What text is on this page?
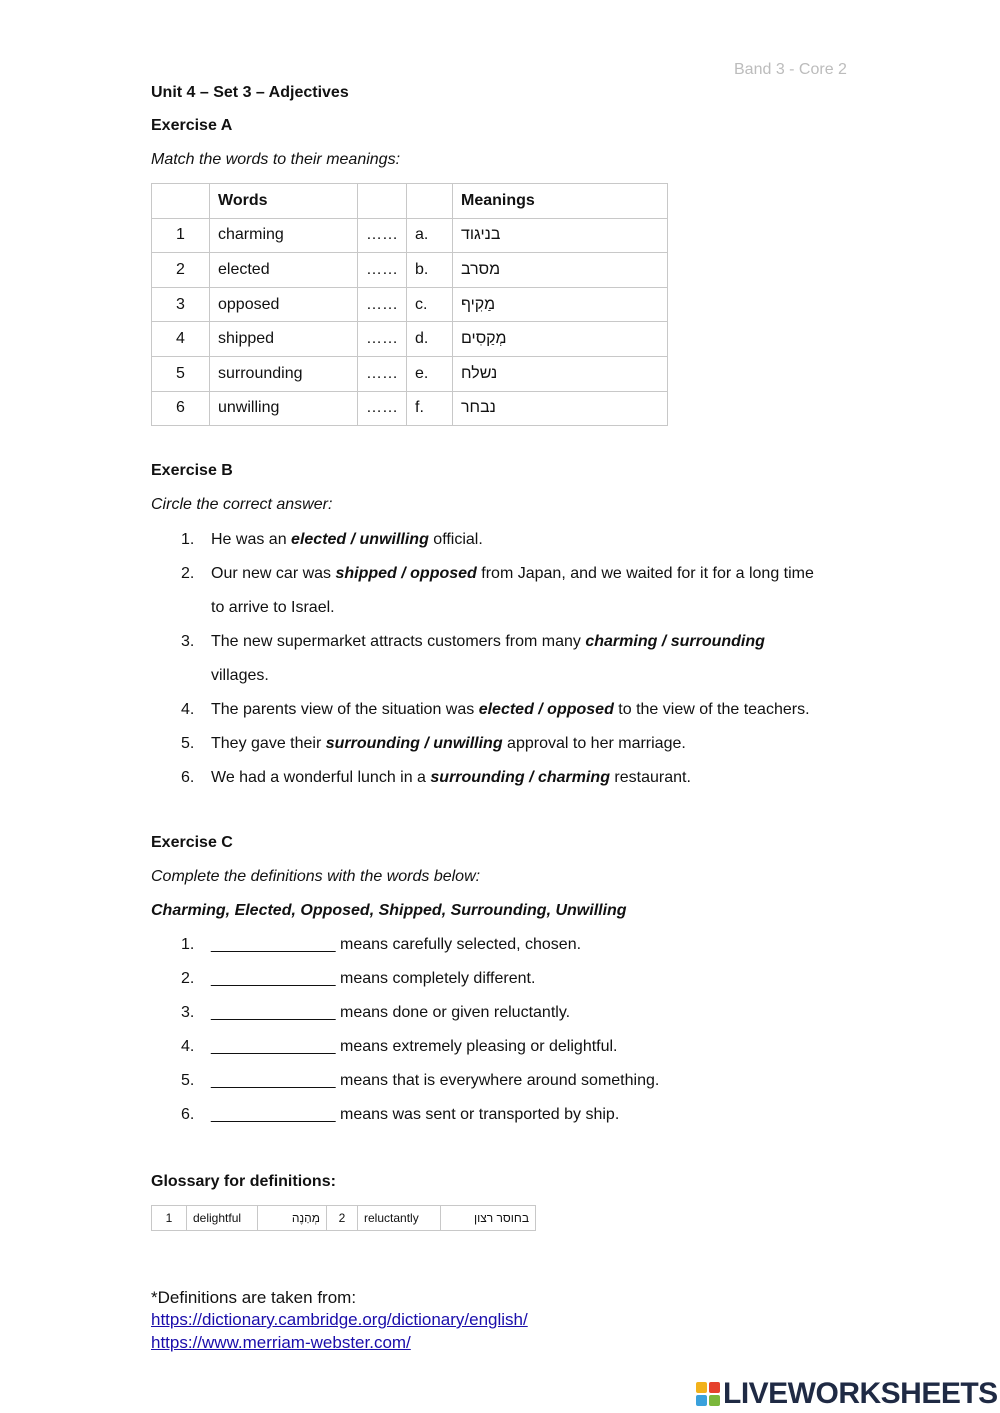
Band 3 - Core 2
Unit 4 – Set 3 – Adjectives
Exercise A
Match the words to their meanings:
	Words			Meanings
1	charming	……	a.	בניגוד
2	elected	……	b.	מסרב
3	opposed	……	c.	מַקִיף
4	shipped	……	d.	מְקַסִים
5	surrounding	……	e.	נשלח
6	unwilling	……	f.	נבחר
Exercise B
Circle the correct answer:
1. He was an elected / unwilling official.
2. Our new car was shipped / opposed from Japan, and we waited for it for a long time
to arrive to Israel.
3. The new supermarket attracts customers from many charming / surrounding
villages.
4. The parents view of the situation was elected / opposed to the view of the teachers.
5. They gave their surrounding / unwilling approval to her marriage.
6. We had a wonderful lunch in a surrounding / charming restaurant.
Exercise C
Complete the definitions with the words below:
Charming, Elected, Opposed, Shipped, Surrounding, Unwilling
1. ______________ means carefully selected, chosen.
2. ______________ means completely different.
3. ______________ means done or given reluctantly.
4. ______________ means extremely pleasing or delightful.
5. ______________ means that is everywhere around something.
6. ______________ means was sent or transported by ship.
Glossary for definitions:
1	delightful	מְהַנֶה	2	reluctantly	בחוסר רצון
*Definitions are taken from:
https://dictionary.cambridge.org/dictionary/english/
https://www.merriam-webster.com/
LIVEWORKSHEETS
